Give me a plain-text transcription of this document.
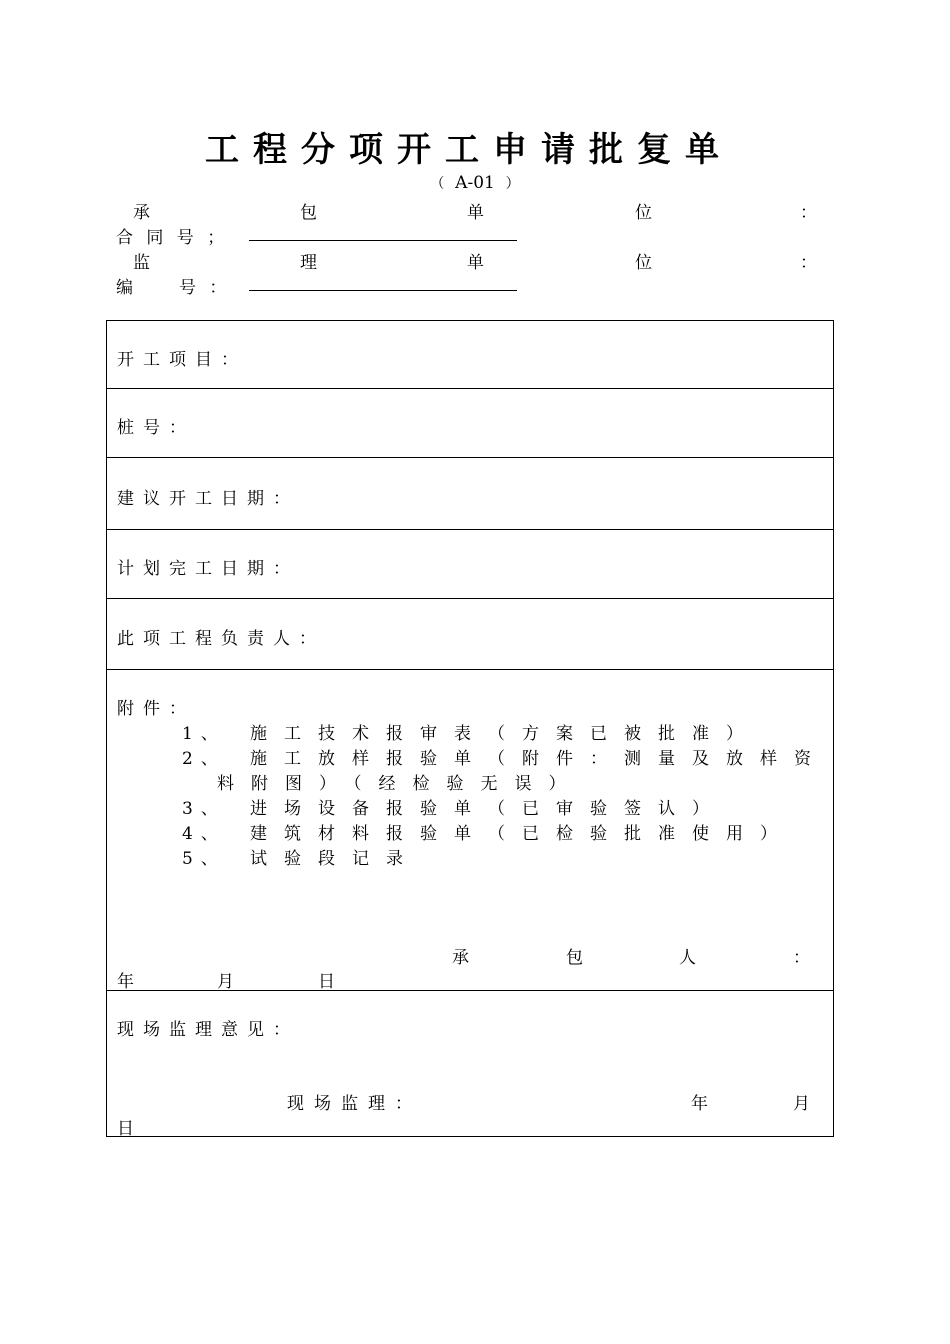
工程分项开工申请批复单
（ A-01 ）
承	包	单	位	：
合 同 号 ；
监	理	单	位	：
编　　号 ：
开工项目：
桩号：
建议开工日期：
计划完工日期：
此项工程负责人：
附件：
1、 施工技术报审表（方案已被批准）
2、 施工放样报验单（附件：测量及放样资
料附图）（经检验无误）
3、 进场设备报验单（已审验签认）
4、 建筑材料报验单（已检验批准使用）
5、 试验段记录
承	包	人	：
年	月	日
现场监理意见：
现场监理：	年	月
日
